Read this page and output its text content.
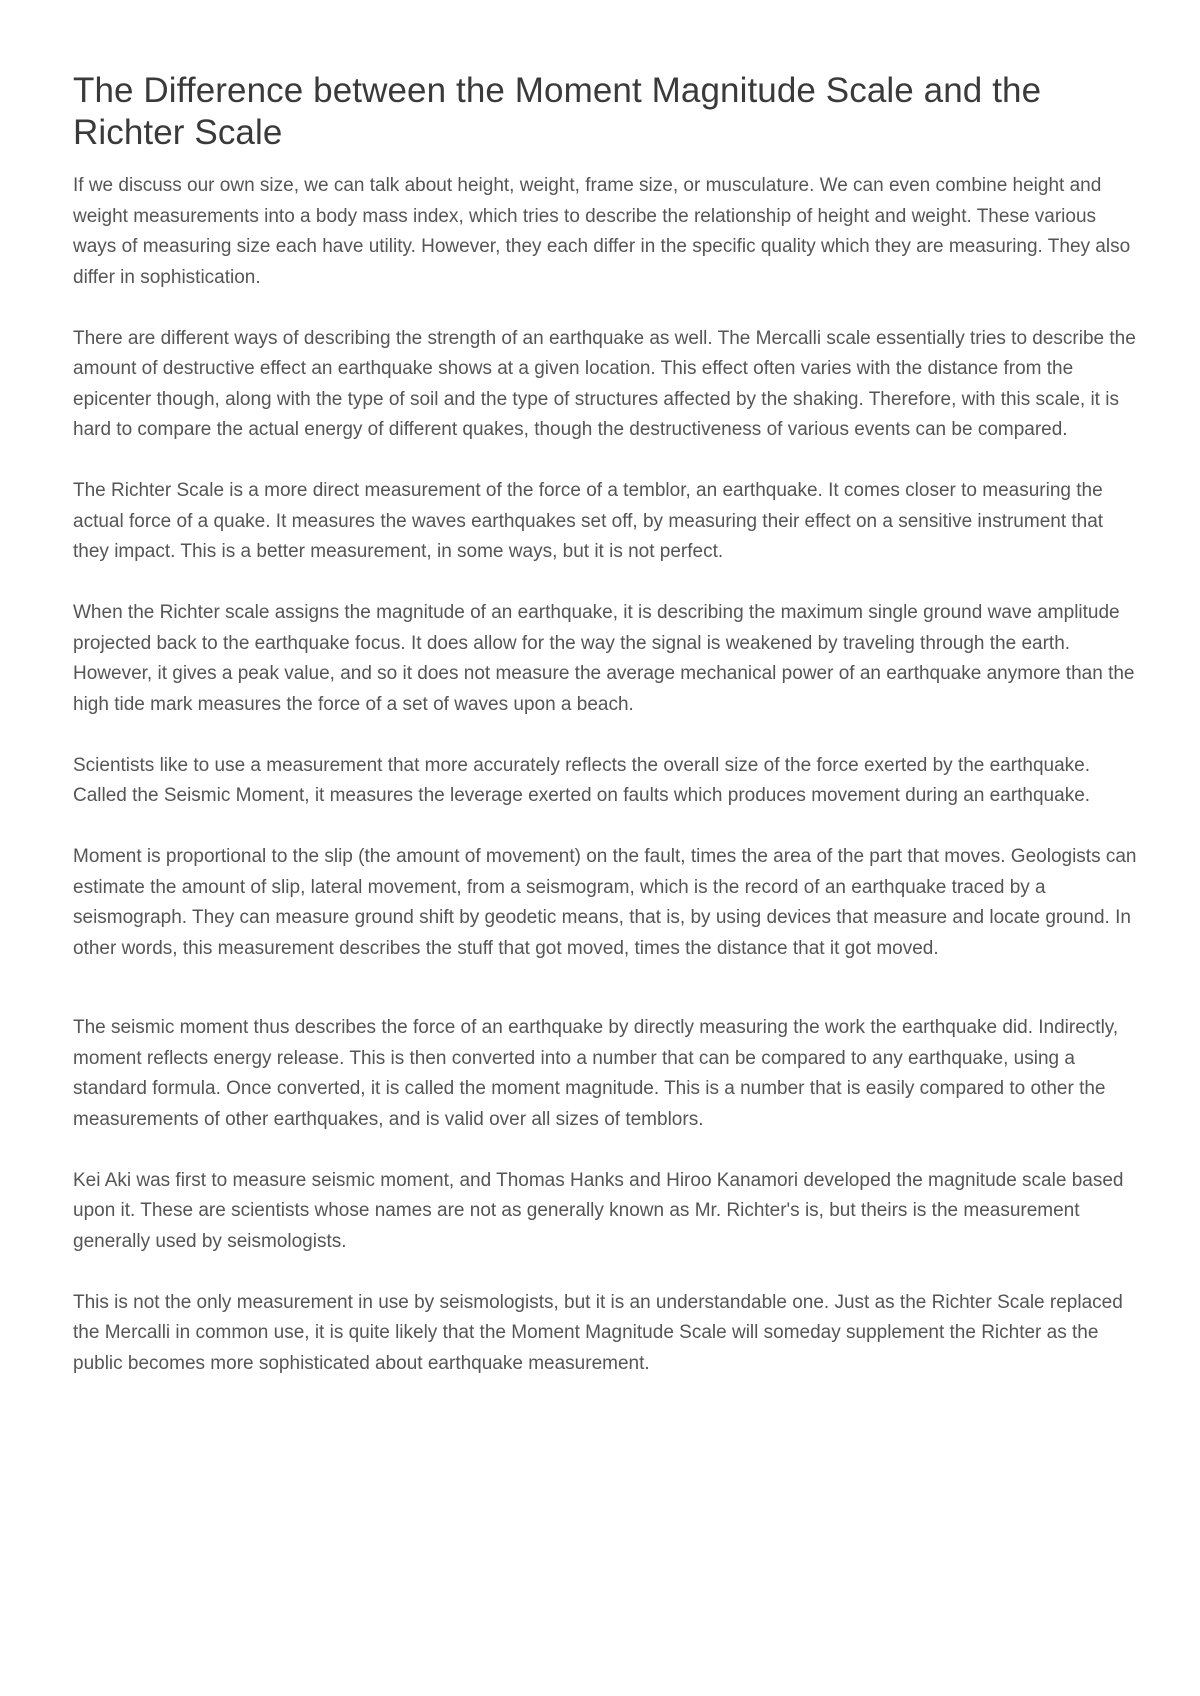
The Difference between the Moment Magnitude Scale and the Richter Scale

If we discuss our own size, we can talk about height, weight, frame size, or musculature. We can even combine height and weight measurements into a body mass index, which tries to describe the relationship of height and weight. These various ways of measuring size each have utility. However, they each differ in the specific quality which they are measuring. They also differ in sophistication.

There are different ways of describing the strength of an earthquake as well. The Mercalli scale essentially tries to describe the amount of destructive effect an earthquake shows at a given location. This effect often varies with the distance from the epicenter though, along with the type of soil and the type of structures affected by the shaking. Therefore, with this scale, it is hard to compare the actual energy of different quakes, though the destructiveness of various events can be compared.

The Richter Scale is a more direct measurement of the force of a temblor, an earthquake. It comes closer to measuring the actual force of a quake. It measures the waves earthquakes set off, by measuring their effect on a sensitive instrument that they impact. This is a better measurement, in some ways, but it is not perfect.

When the Richter scale assigns the magnitude of an earthquake, it is describing the maximum single ground wave amplitude projected back to the earthquake focus. It does allow for the way the signal is weakened by traveling through the earth. However, it gives a peak value, and so it does not measure the average mechanical power of an earthquake anymore than the high tide mark measures the force of a set of waves upon a beach.

Scientists like to use a measurement that more accurately reflects the overall size of the force exerted by the earthquake. Called the Seismic Moment, it measures the leverage exerted on faults which produces movement during an earthquake.

Moment is proportional to the slip (the amount of movement) on the fault, times the area of the part that moves. Geologists can estimate the amount of slip, lateral movement, from a seismogram, which is the record of an earthquake traced by a seismograph. They can measure ground shift by geodetic means, that is, by using devices that measure and locate ground. In other words, this measurement describes the stuff that got moved, times the distance that it got moved.

The seismic moment thus describes the force of an earthquake by directly measuring the work the earthquake did. Indirectly, moment reflects energy release. This is then converted into a number that can be compared to any earthquake, using a standard formula. Once converted, it is called the moment magnitude. This is a number that is easily compared to other the measurements of other earthquakes, and is valid over all sizes of temblors.

Kei Aki was first to measure seismic moment, and Thomas Hanks and Hiroo Kanamori developed the magnitude scale based upon it. These are scientists whose names are not as generally known as Mr. Richter's is, but theirs is the measurement generally used by seismologists.

This is not the only measurement in use by seismologists, but it is an understandable one. Just as the Richter Scale replaced the Mercalli in common use, it is quite likely that the Moment Magnitude Scale will someday supplement the Richter as the public becomes more sophisticated about earthquake measurement.
